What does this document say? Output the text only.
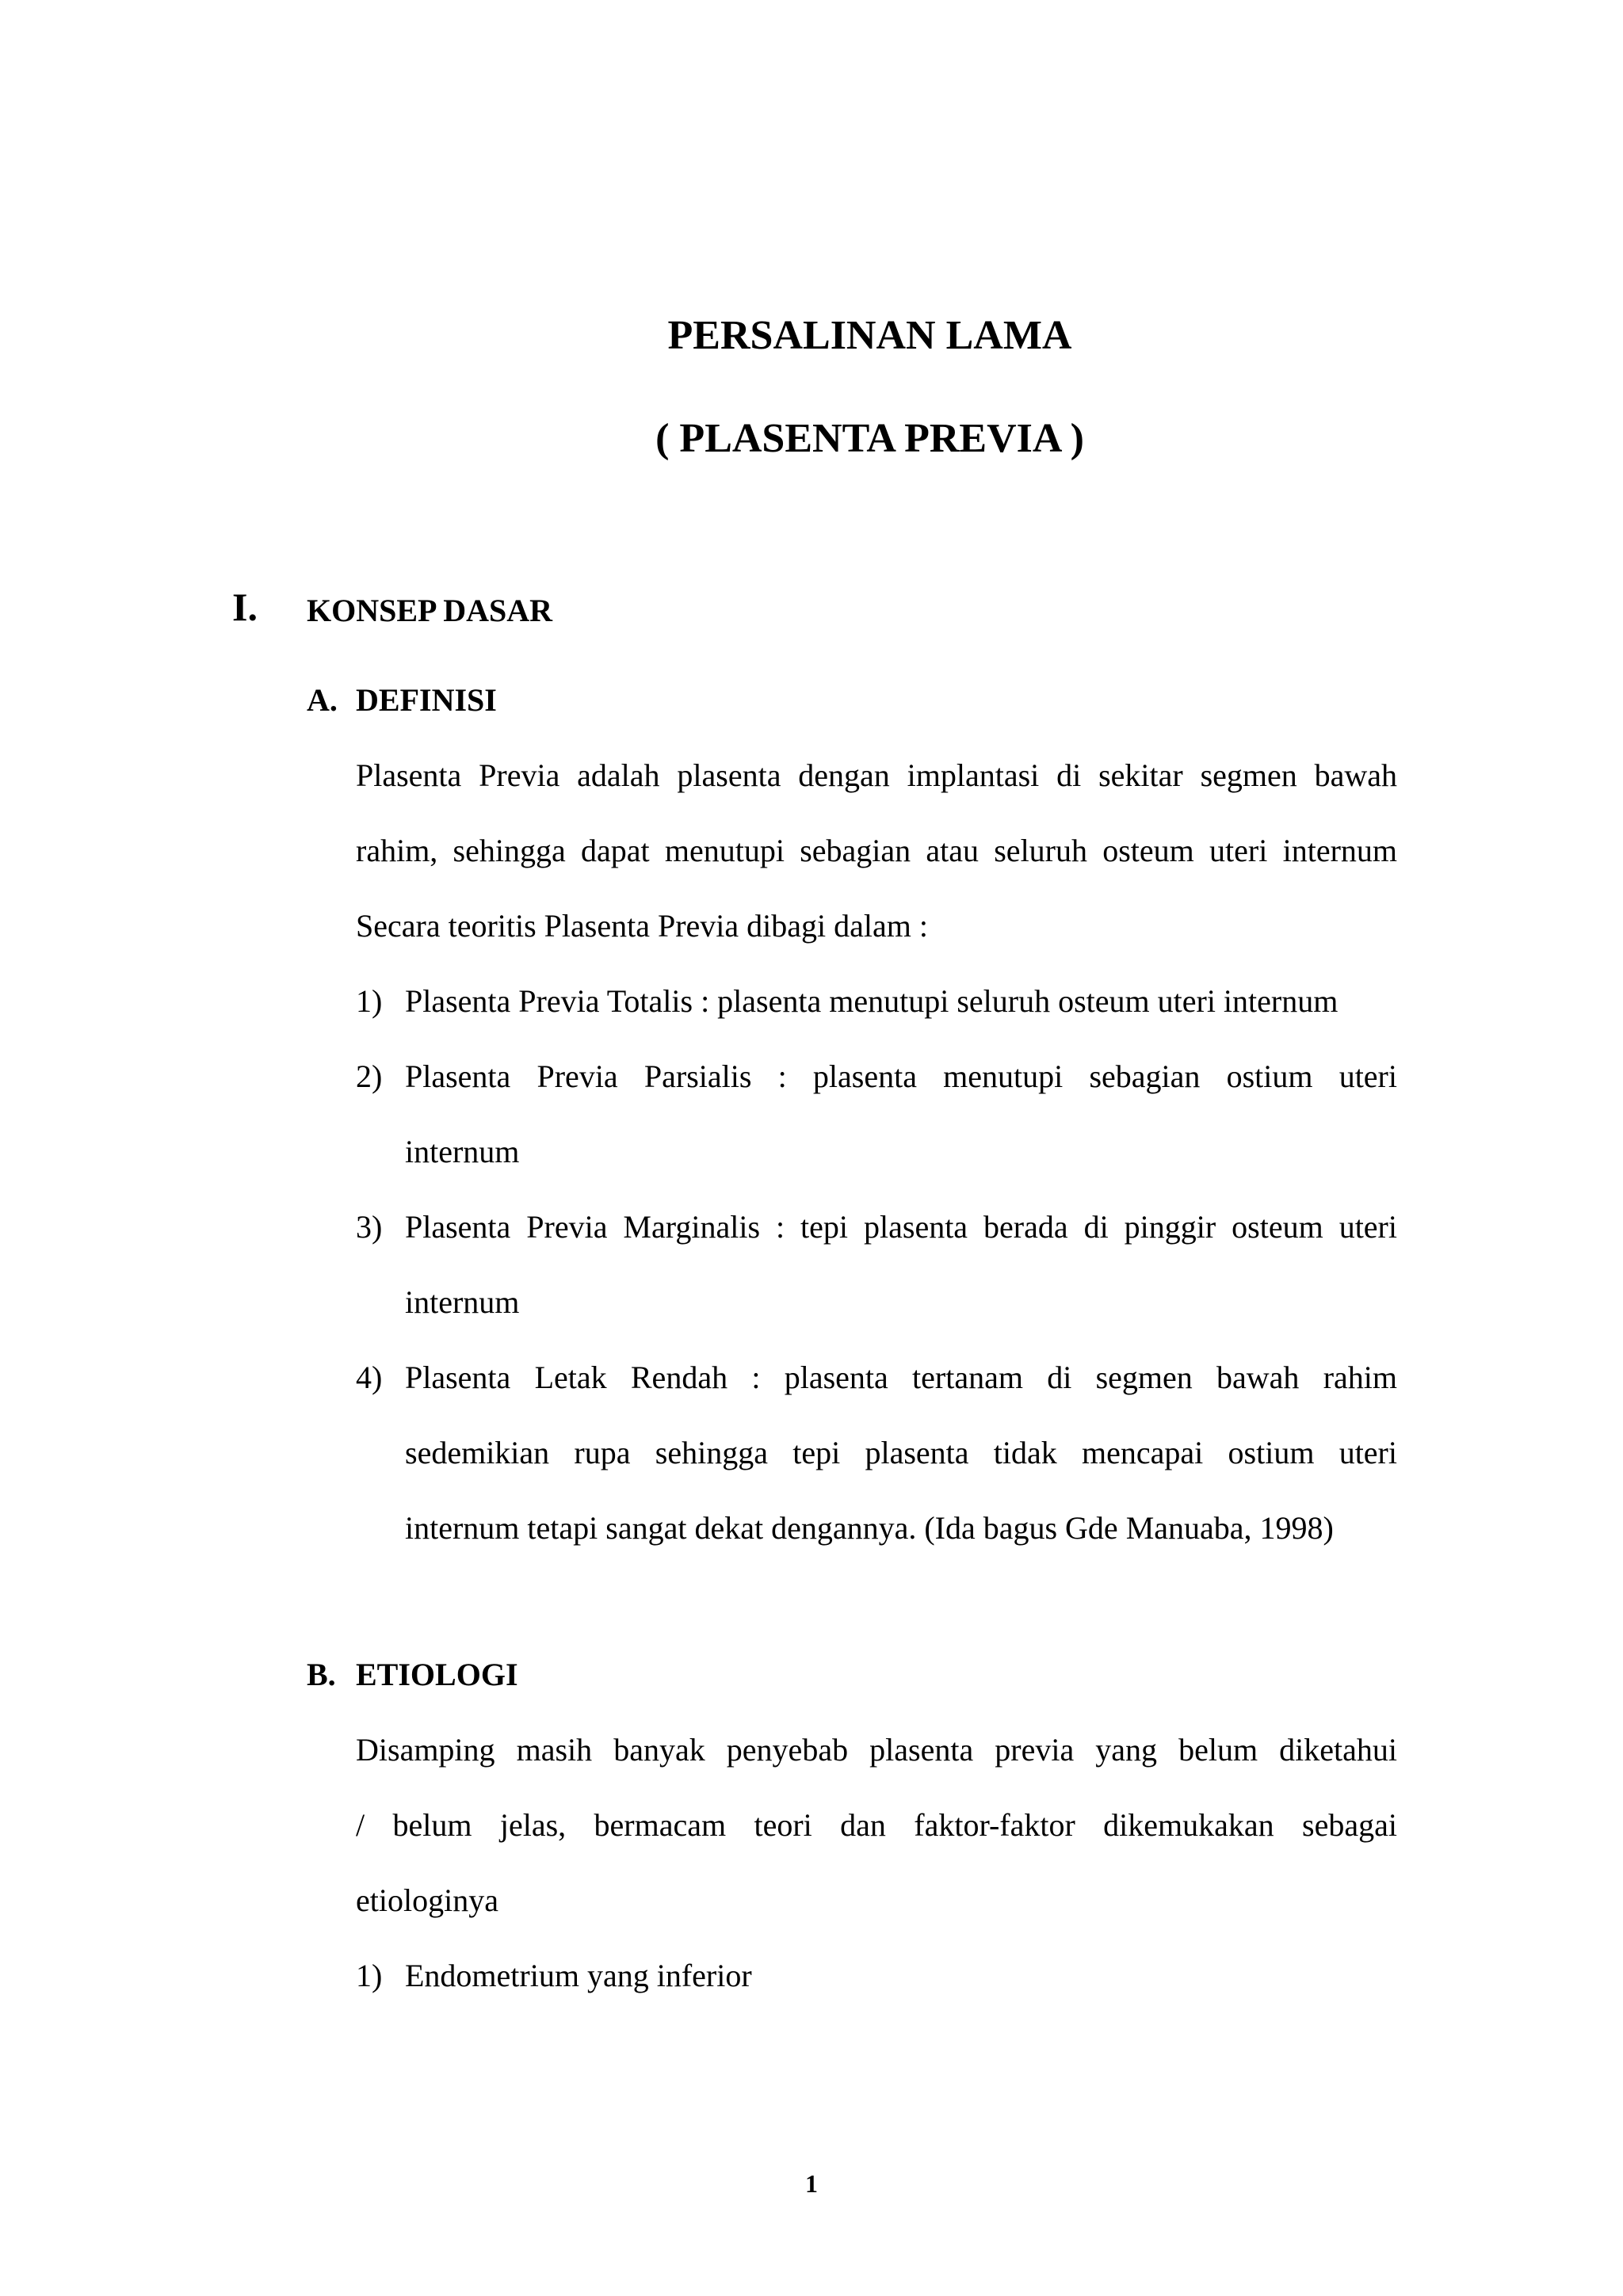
PERSALINAN LAMA
( PLASENTA PREVIA )
I. KONSEP DASAR
A. DEFINISI
Plasenta Previa adalah plasenta dengan implantasi di sekitar segmen bawah
rahim, sehingga dapat menutupi sebagian atau seluruh osteum uteri internum
Secara teoritis Plasenta Previa dibagi dalam :
1) Plasenta Previa Totalis : plasenta menutupi seluruh osteum uteri internum
2) Plasenta Previa Parsialis : plasenta menutupi sebagian ostium uteri
internum
3) Plasenta Previa Marginalis : tepi plasenta berada di pinggir osteum uteri
internum
4) Plasenta Letak Rendah : plasenta tertanam di segmen bawah rahim
sedemikian rupa sehingga tepi plasenta tidak mencapai ostium uteri
internum tetapi sangat dekat dengannya. (Ida bagus Gde Manuaba, 1998)
B. ETIOLOGI
Disamping masih banyak penyebab plasenta previa yang belum diketahui
/ belum jelas, bermacam teori dan faktor-faktor dikemukakan sebagai
etiologinya
1) Endometrium yang inferior
1
